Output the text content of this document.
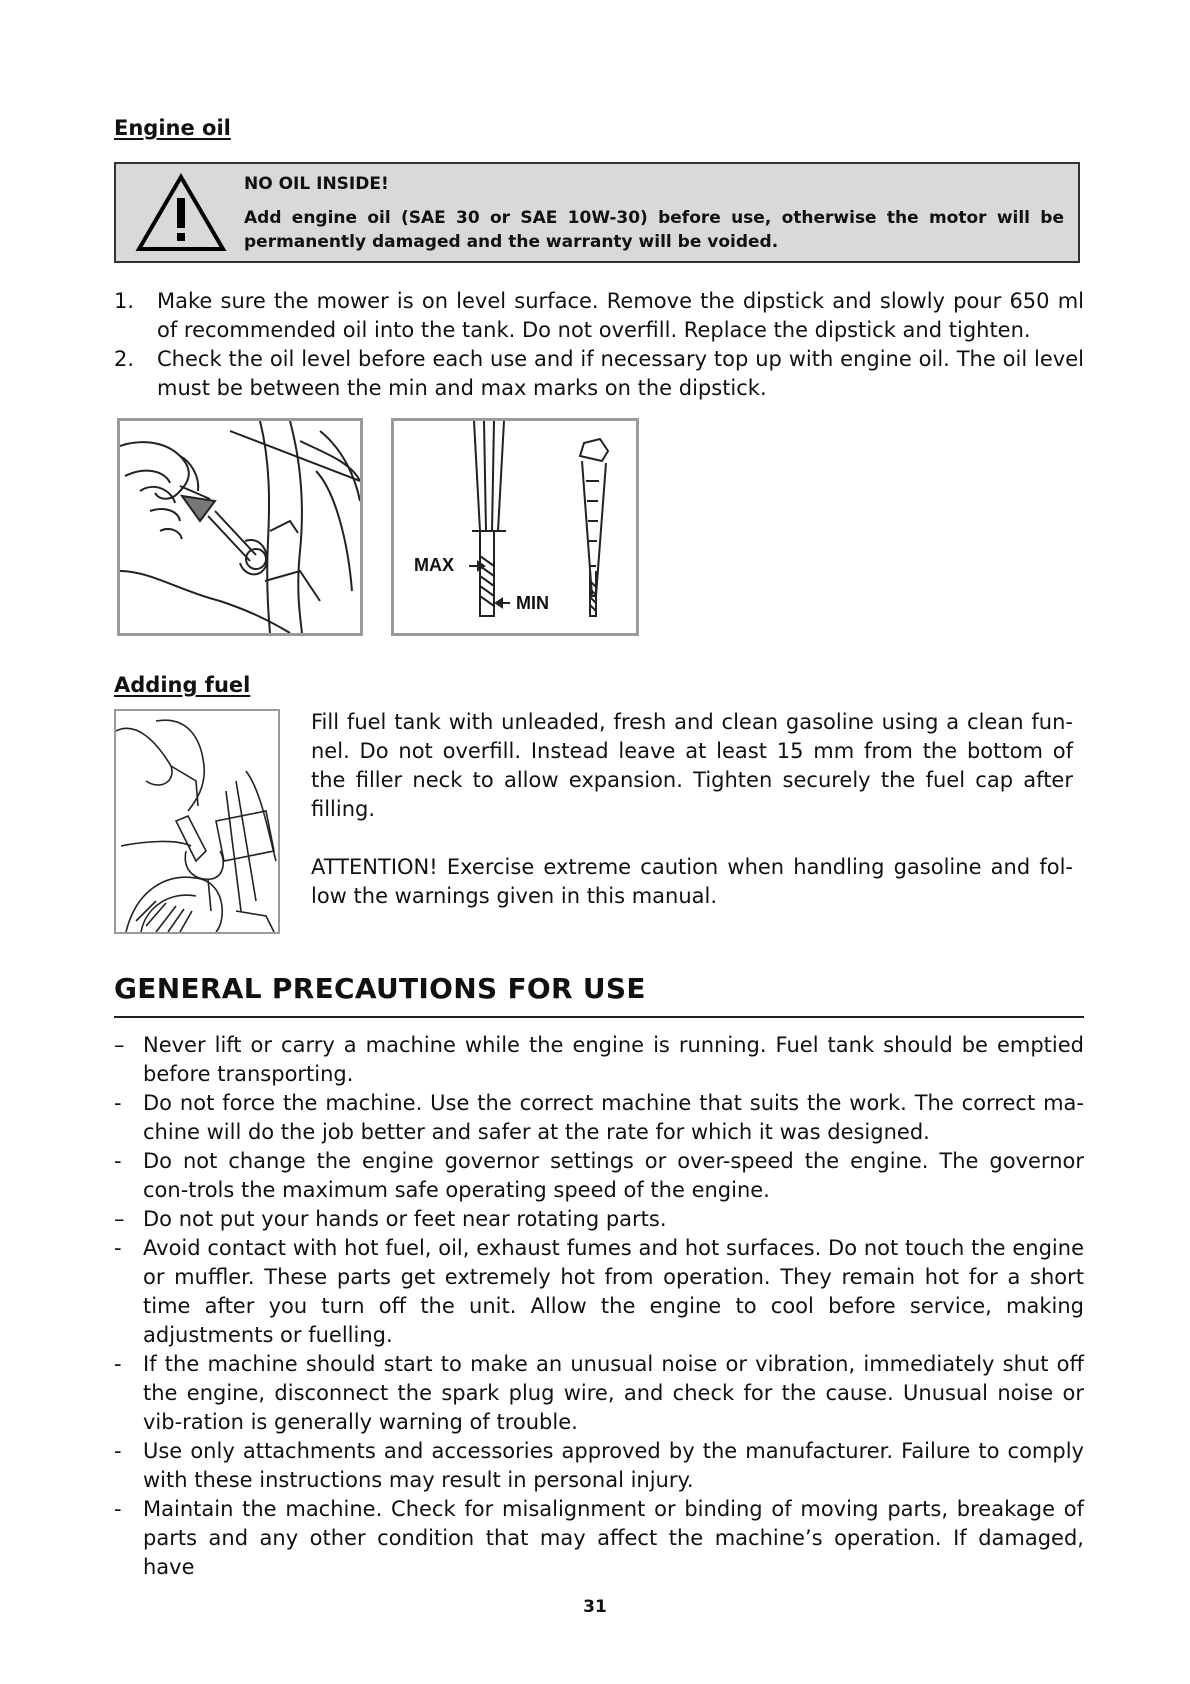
Engine oil
NO OIL INSIDE!
Add engine oil (SAE 30 or SAE 10W-30) before use, otherwise the motor will be permanently damaged and the warranty will be voided.
1. Make sure the mower is on level surface. Remove the dipstick and slowly pour 650 ml of recommended oil into the tank. Do not overfill. Replace the dipstick and tighten.
2. Check the oil level before each use and if necessary top up with engine oil. The oil level must be between the min and max marks on the dipstick.
MAX
MIN
Adding fuel

Fill fuel tank with unleaded, fresh and clean gasoline using a clean fun-nel. Do not overfill. Instead leave at least 15 mm from the bottom of the filler neck to allow expansion. Tighten securely the fuel cap after filling.

ATTENTION! Exercise extreme caution when handling gasoline and fol-low the warnings given in this manual.

GENERAL PRECAUTIONS FOR USE
– Never lift or carry a machine while the engine is running. Fuel tank should be emptied before transporting.
- Do not force the machine. Use the correct machine that suits the work. The correct ma-chine will do the job better and safer at the rate for which it was designed.
- Do not change the engine governor settings or over-speed the engine. The governor con-trols the maximum safe operating speed of the engine.
– Do not put your hands or feet near rotating parts.
- Avoid contact with hot fuel, oil, exhaust fumes and hot surfaces. Do not touch the engine or muffler. These parts get extremely hot from operation. They remain hot for a short time after you turn off the unit. Allow the engine to cool before service, making adjustments or fuelling.
- If the machine should start to make an unusual noise or vibration, immediately shut off the engine, disconnect the spark plug wire, and check for the cause. Unusual noise or vib-ration is generally warning of trouble.
- Use only attachments and accessories approved by the manufacturer. Failure to comply with these instructions may result in personal injury.
- Maintain the machine. Check for misalignment or binding of moving parts, breakage of parts and any other condition that may affect the machine’s operation. If damaged, have
31
